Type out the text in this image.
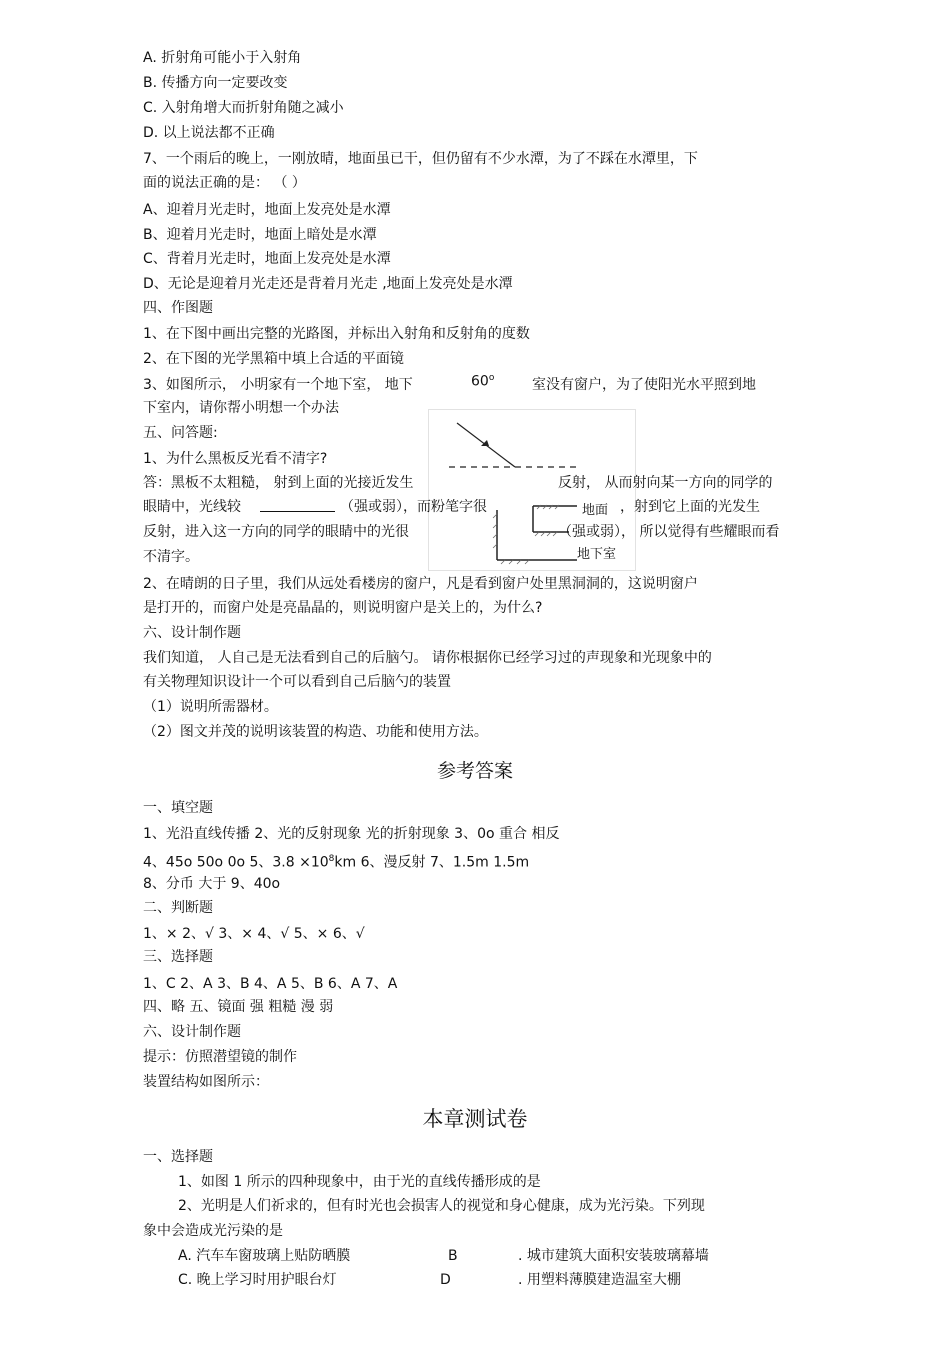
A. 折射角可能小于入射角
B. 传播方向一定要改变
C. 入射角增大而折射角随之减小
D. 以上说法都不正确
7、一个雨后的晚上，一刚放晴，地面虽已干，但仍留有不少水潭，为了不踩在水潭里，下
面的说法正确的是： （ ）
A、迎着月光走时，地面上发亮处是水潭
B、迎着月光走时，地面上暗处是水潭
C、背着月光走时，地面上发亮处是水潭
D、无论是迎着月光走还是背着月光走 ,地面上发亮处是水潭
四、作图题
1、在下图中画出完整的光路图，并标出入射角和反射角的度数
2、在下图的光学黑箱中填上合适的平面镜
3、如图所示， 小明家有一个地下室， 地下	60$^o$	室没有窗户，为了使阳光水平照到地
下室内，请你帮小明想一个办法
地面
地下室
五、问答题:
1、为什么黑板反光看不清字?
答：黑板不太粗糙， 射到上面的光接近发生	反射， 从而射向某一方向的同学的
眼睛中，光线较	（强或弱），而粉笔字很	，射到它上面的光发生
反射，进入这一方向的同学的眼睛中的光很	（强或弱）， 所以觉得有些耀眼而看
不清字。
2、在晴朗的日子里，我们从远处看楼房的窗户，凡是看到窗户处里黑洞洞的，这说明窗户
是打开的，而窗户处是亮晶晶的，则说明窗户是关上的，为什么?
六、设计制作题
我们知道， 人自己是无法看到自己的后脑勺。 请你根据你已经学习过的声现象和光现象中的
有关物理知识设计一个可以看到自己后脑勺的装置
（1）说明所需器材。
（2）图文并茂的说明该装置的构造、功能和使用方法。
参考答案
一、填空题
1、光沿直线传播 2、光的反射现象 光的折射现象 3、0o 重合 相反
4、45o 50o 0o 5、$3.8 \times 10^8km$ 6、漫反射 7、1.5m 1.5m
8、分币 大于 9、40o
二、判断题
1、× 2、√ 3、× 4、√ 5、× 6、√
三、选择题
1、C 2、A 3、B 4、A 5、B 6、A 7、A
四、略 五、镜面 强 粗糙 漫 弱
六、设计制作题
提示：仿照潜望镜的制作
装置结构如图所示：
本章测试卷
一、选择题
1、如图 1 所示的四种现象中，由于光的直线传播形成的是
2、光明是人们祈求的，但有时光也会损害人的视觉和身心健康，成为光污染。下列现
象中会造成光污染的是
A. 汽车车窗玻璃上贴防晒膜	B	. 城市建筑大面积安装玻璃幕墙
C. 晚上学习时用护眼台灯	D	. 用塑料薄膜建造温室大棚
